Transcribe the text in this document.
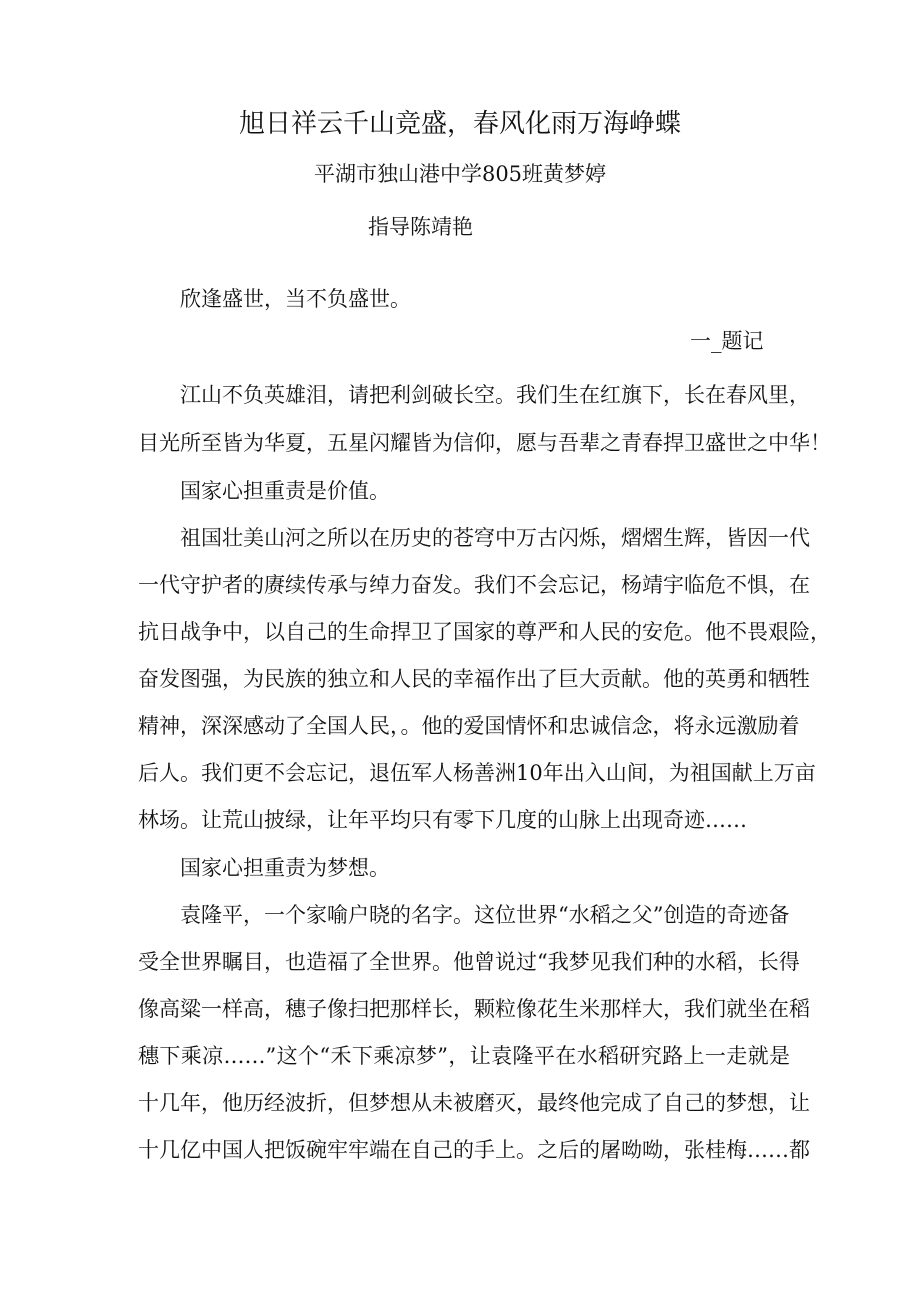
旭日祥云千山竞盛，春风化雨万海峥蝶
平湖市独山港中学805班黄梦婷
指导陈靖艳
欣逢盛世，当不负盛世。
一_题记
江山不负英雄泪，请把利剑破长空。我们生在红旗下，长在春风里，
目光所至皆为华夏，五星闪耀皆为信仰，愿与吾辈之青春捍卫盛世之中华！
国家心担重责是价值。
祖国壮美山河之所以在历史的苍穹中万古闪烁，熠熠生辉，皆因一代
一代守护者的赓续传承与绰力奋发。我们不会忘记，杨靖宇临危不惧，在
抗日战争中，以自己的生命捍卫了国家的尊严和人民的安危。他不畏艰险，
奋发图强，为民族的独立和人民的幸福作出了巨大贡献。他的英勇和牺牲
精神，深深感动了全国人民，。他的爱国情怀和忠诚信念，将永远激励着
后人。我们更不会忘记，退伍军人杨善洲10年出入山间，为祖国献上万亩
林场。让荒山披绿，让年平均只有零下几度的山脉上出现奇迹……
国家心担重责为梦想。
袁隆平，一个家喻户晓的名字。这位世界“水稻之父”创造的奇迹备
受全世界瞩目，也造福了全世界。他曾说过“我梦见我们种的水稻，长得
像高粱一样高，穗子像扫把那样长，颗粒像花生米那样大，我们就坐在稻
穗下乘凉……”这个“禾下乘凉梦”，让袁隆平在水稻研究路上一走就是
十几年，他历经波折，但梦想从未被磨灭，最终他完成了自己的梦想，让
十几亿中国人把饭碗牢牢端在自己的手上。之后的屠呦呦，张桂梅……都
